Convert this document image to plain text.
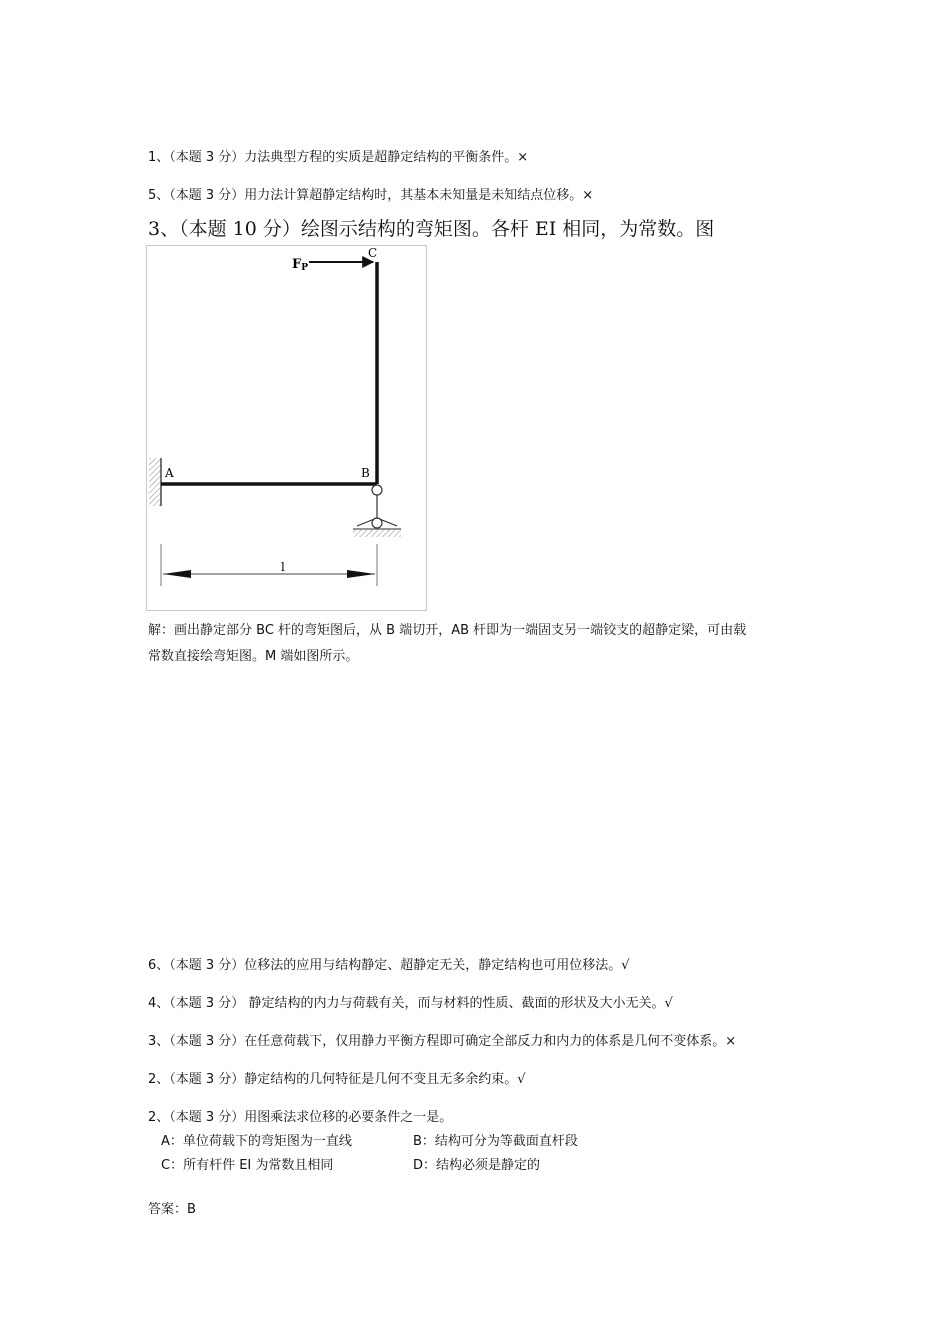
1、（本题 3 分）力法典型方程的实质是超静定结构的平衡条件。×
5、（本题 3 分）用力法计算超静定结构时，其基本未知量是未知结点位移。×
3、（本题 10 分）绘图示结构的弯矩图。各杆 EI 相同，为常数。图
C
FP
A	B
l
解：画出静定部分 BC 杆的弯矩图后，从 B 端切开，AB 杆即为一端固支另一端铰支的超静定梁，可由载
常数直接绘弯矩图。M 端如图所示。
6、（本题 3 分）位移法的应用与结构静定、超静定无关，静定结构也可用位移法。√
4、（本题 3 分） 静定结构的内力与荷载有关，而与材料的性质、截面的形状及大小无关。√
3、（本题 3 分）在任意荷载下，仅用静力平衡方程即可确定全部反力和内力的体系是几何不变体系。×
2、（本题 3 分）静定结构的几何特征是几何不变且无多余约束。√
2、（本题 3 分）用图乘法求位移的必要条件之一是。
A：单位荷载下的弯矩图为一直线	B：结构可分为等截面直杆段
C：所有杆件 EI 为常数且相同	D：结构必须是静定的
答案：B
